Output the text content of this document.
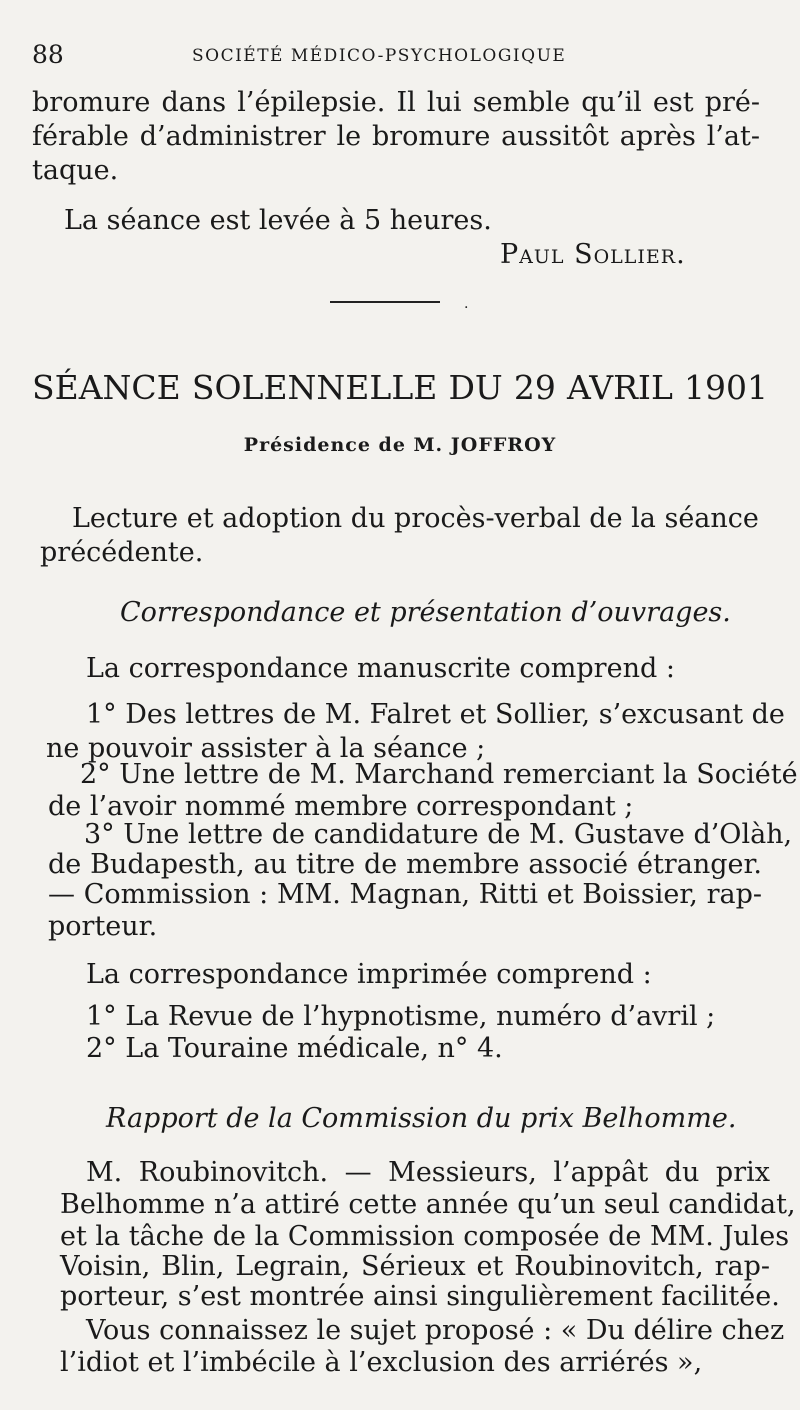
88	SOCIÉTÉ MÉDICO-PSYCHOLOGIQUE
bromure dans l’épilepsie. Il lui semble qu’il est pré-
férable d’administrer le bromure aussitôt après l’at-
taque.
La séance est levée à 5 heures.
Paul Sollier.
.
SÉANCE SOLENNELLE DU 29 AVRIL 1901
Présidence de M. JOFFROY
Lecture et adoption du procès-verbal de la séance
précédente.
Correspondance et présentation d’ouvrages.
La correspondance manuscrite comprend :
1° Des lettres de M. Falret et Sollier, s’excusant de
ne pouvoir assister à la séance ;
2° Une lettre de M. Marchand remerciant la Société
de l’avoir nommé membre correspondant ;
3° Une lettre de candidature de M. Gustave d’Olàh,
de Budapesth, au titre de membre associé étranger.
— Commission : MM. Magnan, Ritti et Boissier, rap-
porteur.
La correspondance imprimée comprend :
1° La Revue de l’hypnotisme, numéro d’avril ;
2° La Touraine médicale, n° 4.
Rapport de la Commission du prix Belhomme.
M. Roubinovitch. — Messieurs, l’appât du prix
Belhomme n’a attiré cette année qu’un seul candidat,
et la tâche de la Commission composée de MM. Jules
Voisin, Blin, Legrain, Sérieux et Roubinovitch, rap-
porteur, s’est montrée ainsi singulièrement facilitée.
Vous connaissez le sujet proposé : « Du délire chez
l’idiot et l’imbécile à l’exclusion des arriérés »,
